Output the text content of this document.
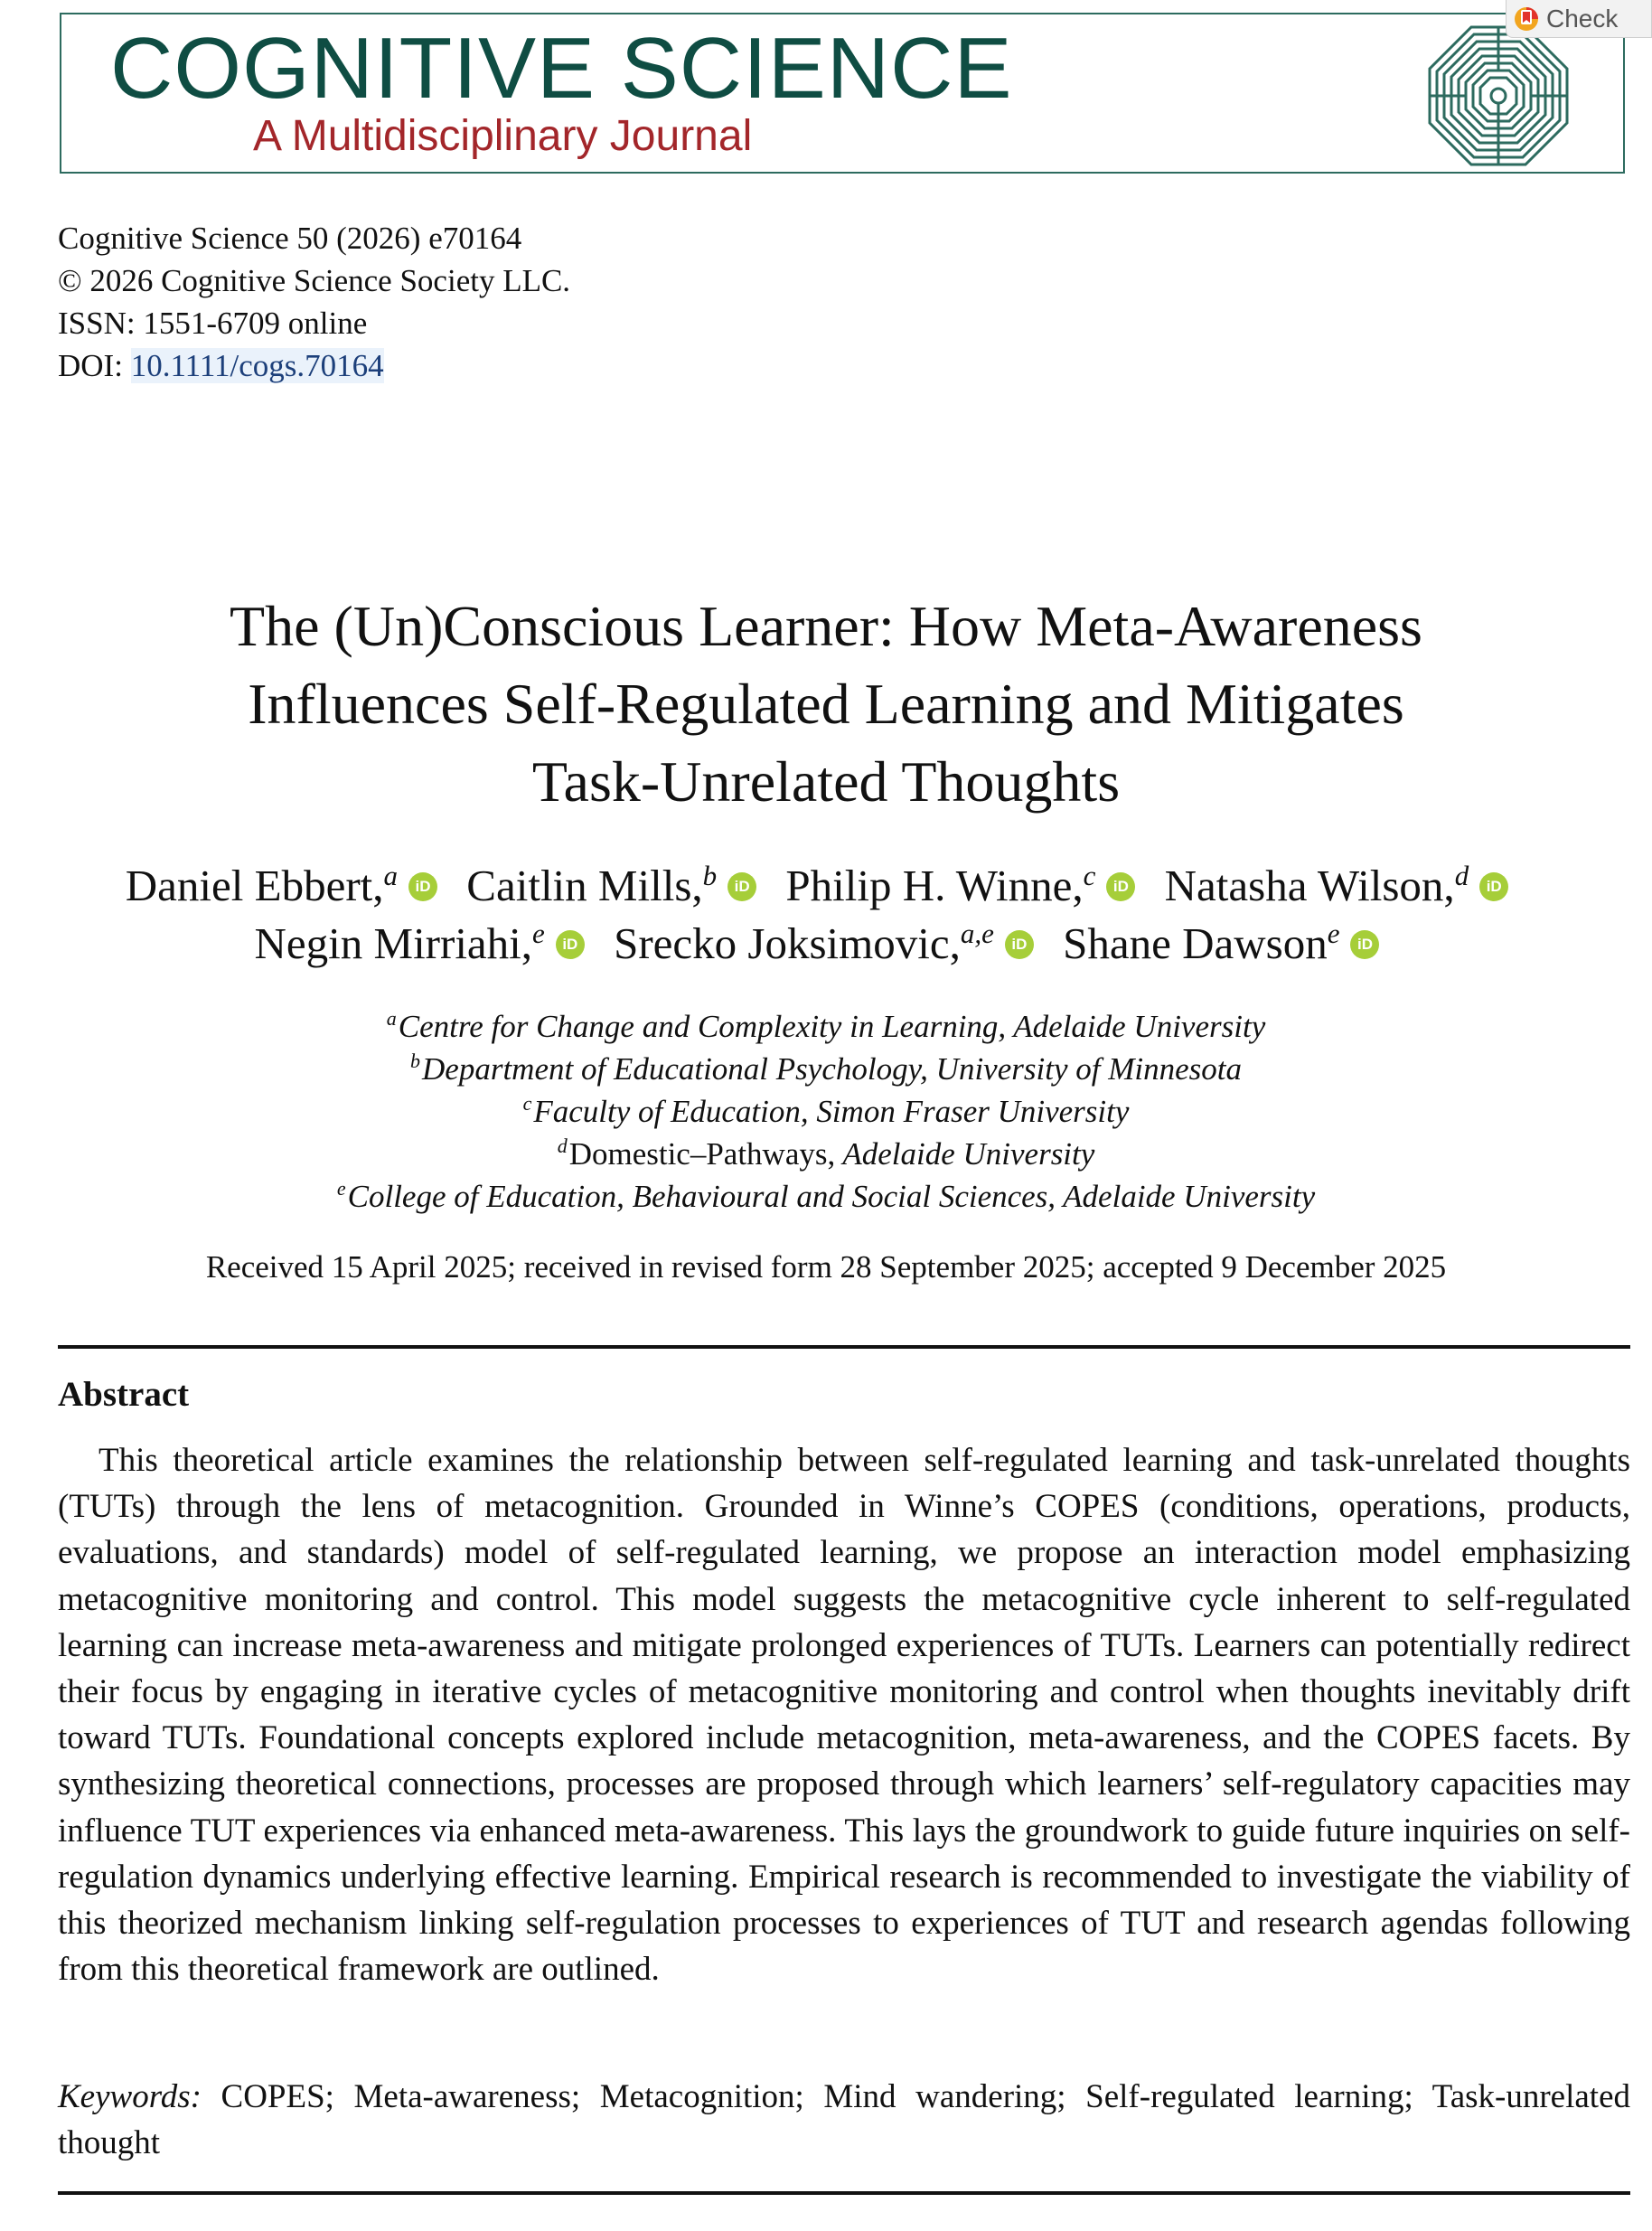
COGNITIVE SCIENCE
A Multidisciplinary Journal
Check
Cognitive Science 50 (2026) e70164
© 2026 Cognitive Science Society LLC.
ISSN: 1551-6709 online
DOI: 10.1111/cogs.70164
The (Un)Conscious Learner: How Meta-Awareness
Influences Self-Regulated Learning and Mitigates
Task-Unrelated Thoughts
Daniel Ebbert,$^a$ iD Caitlin Mills,$^b$ iD Philip H. Winne,$^c$ iD Natasha Wilson,$^d$ iD
Negin Mirriahi,$^e$ iD Srecko Joksimovic,$^{a,e}$ iD Shane Dawson$^e$ iD
$^a$Centre for Change and Complexity in Learning, Adelaide University
$^b$Department of Educational Psychology, University of Minnesota
$^c$Faculty of Education, Simon Fraser University
$^d$Domestic–Pathways, Adelaide University
$^e$College of Education, Behavioural and Social Sciences, Adelaide University
Received 15 April 2025; received in revised form 28 September 2025; accepted 9 December 2025
Abstract

This theoretical article examines the relationship between self-regulated learning and task-unrelated thoughts (TUTs) through the lens of metacognition. Grounded in Winne’s COPES (conditions, operations, products, evaluations, and standards) model of self-regulated learning, we propose an interaction model emphasizing metacognitive monitoring and control. This model suggests the metacognitive cycle inherent to self-regulated learning can increase meta-awareness and mitigate prolonged experiences of TUTs. Learners can potentially redirect their focus by engaging in iterative cycles of metacognitive monitoring and control when thoughts inevitably drift toward TUTs. Foundational concepts explored include metacognition, meta-awareness, and the COPES facets. By synthesizing theoretical connections, processes are proposed through which learners’ self-regulatory capacities may influence TUT experiences via enhanced meta-awareness. This lays the groundwork to guide future inquiries on self-regulation dynamics underlying effective learning. Empirical research is recommended to investigate the viability of this theorized mechanism linking self-regulation processes to experiences of TUT and research agendas following from this theoretical framework are outlined.

Keywords: COPES; Meta-awareness; Metacognition; Mind wandering; Self-regulated learning; Task-unrelated thought
